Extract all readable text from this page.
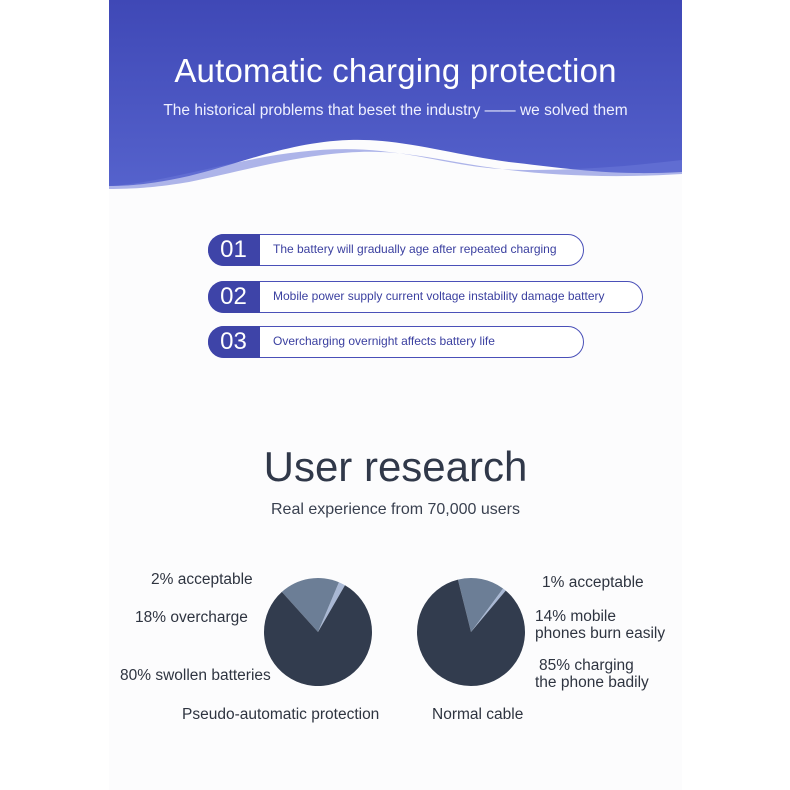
Automatic charging protection
The historical problems that beset the industry —— we solved them
01	The battery will gradually age after repeated charging
02	Mobile power supply current voltage instability damage battery
03	Overcharging overnight affects battery life
User research
Real experience from 70,000 users
2% acceptable
18% overcharge
80% swollen batteries
Pseudo-automatic protection
1% acceptable
14% mobile
phones burn easily
85% charging
the phone badily
Normal cable
